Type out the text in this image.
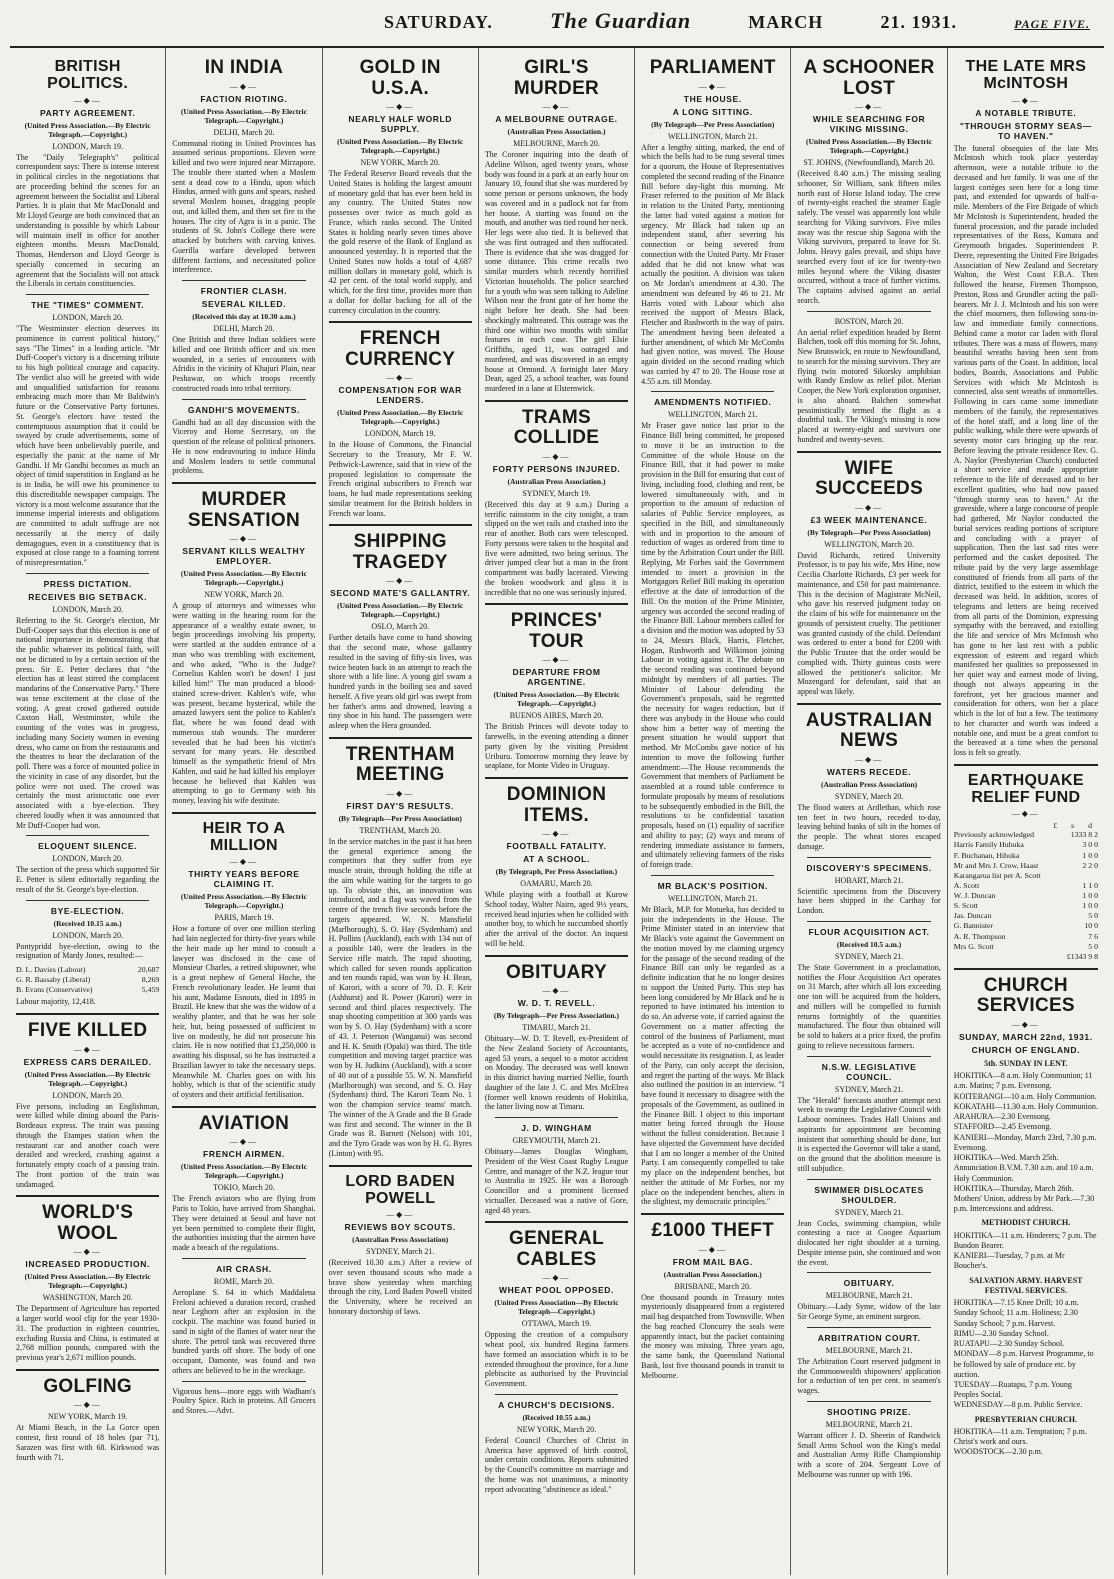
SATURDAY.	The Guardian	MARCH	21. 1931.	PAGE FIVE.
BRITISH POLITICS.
—◆—
PARTY AGREEMENT.
(United Press Association.—By Electric Telegraph.—Copyright.)
LONDON, March 19.
The "Daily Telegraph's" political correspondent says: There is intense interest in political circles in the negotiations that are proceeding behind the scenes for an agreement between the Socialist and Liberal Parties. It is plain that Mr MacDonald and Mr Lloyd George are both convinced that an understanding is possible by which Labour will maintain itself in office for another eighteen months. Messrs MacDonald, Thomas, Henderson and Lloyd George is specially concerned in securing an agreement that the Socialists will not attack the Liberals in certain constituencies.
THE "TIMES" COMMENT.
LONDON, March 20.
"The Westminster election deserves its prominence in current political history," says "The Times" in a leading article. "Mr Duff-Cooper's victory is a discerning tribute to his high political courage and capacity. The verdict also will be greeted with wide and unqualified satisfaction for reasons embracing much more than Mr Baldwin's future or the Conservative Party fortunes. St. George's electors have tested the contemptuous assumption that it could be swayed by crude advertisements, some of which have been unbelievably puerile, and especially the panic at the name of Mr Gandhi. If Mr Gandhi becomes as much an object of timid superstition in England as he is in India, he will owe his prominence to this discreditable newspaper campaign. The victory is a most welcome assurance that the immense imperial interests and obligations are committed to adult suffrage are not necessarily at the mercy of daily demagogues, even in a constituency that is exposed at close range to a foaming torrent of misrepresentation."
PRESS DICTATION.
RECEIVES BIG SETBACK.
LONDON, March 20.
Referring to the St. George's election, Mr Duff-Cooper says that this election is one of national importance in demonstrating that the public whatever its political faith, will not be dictated to by a certain section of the press. Sir E. Petter declares that "the election has at least stirred the complacent mandarins of the Conservative Party." There was tense excitement at the close of the voting. A great crowd gathered outside Caxton Hall, Westminster, while the counting of the votes was in progress, including many Society women in evening dress, who came on from the restaurants and the theatres to hear the declaration of the poll. There was a force of mounted police in the vicinity in case of any disorder, but the police were not used. The crowd was certainly the most aristocratic one ever associated with a bye-election. They cheered loudly when it was announced that Mr Duff-Cooper had won.
ELOQUENT SILENCE.
LONDON, March 20.
The section of the press which supported Sir E. Petter is silent editorially regarding the result of the St. George's bye-election.
BYE-ELECTION.
(Received 10.15 a.m.)
LONDON, March 20.
Pontypridd bye-election, owing to the resignation of Mardy Jones, resulted:—
D. L. Davies (Labour)	20,687
G. R. Bassaby (Liberal)	8,269
B. Evans (Conservative)	5,459
Labour majority, 12,418.
FIVE KILLED
—◆—
EXPRESS CARS DERAILED.
(United Press Association.—By Electric Telegraph.—Copyright.)
LONDON, March 20.
Five persons, including an Englishman, were killed while dining aboard the Paris-Bordeaux express. The train was passing through the Etampes station when the restaurant car and another coach were derailed and wrecked, crashing against a fortunately empty coach of a passing train. The front portion of the train was undamaged.
WORLD'S WOOL
—◆—
INCREASED PRODUCTION.
(United Press Association.—By Electric Telegraph.—Copyright.)
WASHINGTON, March 20.
The Department of Agriculture has reported a larger world wool clip for the year 1930-31. The production in eighteen countries, excluding Russia and China, is estimated at 2,768 million pounds, compared with the previous year's 2,671 million pounds.
GOLFING
—◆—
NEW YORK, March 19.
At Miami Beach, in the La Gorce open contest, first round of 18 holes (par 71), Sarazen was first with 68. Kirkwood was fourth with 71.
IN INDIA
—◆—
FACTION RIOTING.
(United Press Association.—By Electric Telegraph.—Copyright.)
DELHI, March 20.
Communal rioting in United Provinces has assumed serious proportions. Eleven were killed and two were injured near Mirzapore. The trouble there started when a Moslem sent a dead cow to a Hindu, upon which Hindus, armed with guns and spears, rushed several Moslem houses, dragging people out, and killed them, and then set fire to the houses. The city of Agra is in a panic. The students of St. John's College there were attacked by butchers with carving knives. Guerilla warfare developed between different factions, and necessitated police interference.
FRONTIER CLASH.
SEVERAL KILLED.
(Received this day at 10.30 a.m.)
DELHI, March 20.
One British and three Indian soldiers were killed and one British officer and six men wounded, in a series of encounters with Afridis in the vicinity of Khajuri Plain, near Peshawar, on which troops recently constructed roads into tribal territory.
GANDHI'S MOVEMENTS.
Gandhi had an all day discussion with the Viceroy and Home Secretary, on the question of the release of political prisoners. He is now endeavouring to induce Hindu and Moslem leaders to settle communal problems.
MURDER SENSATION
—◆—
SERVANT KILLS WEALTHY EMPLOYER.
(United Press Association.—By Electric Telegraph.—Copyright.)
NEW YORK, March 20.
A group of attorneys and witnesses who were waiting in the hearing room for the appearance of a wealthy estate owner, to begin proceedings involving his property, were startled at the sudden entrance of a man who was trembling with excitement, and who asked, "Who is the Judge? Cornelius Kahlen won't be down! I just killed him!" The man produced a blood-stained screw-driver. Kahlen's wife, who was present, became hysterical, while the amazed lawyers sent the police to Kahlen's flat, where he was found dead with numerous stab wounds. The murderer revealed that he had been his victim's servant for many years. He described himself as the sympathetic friend of Mrs Kahlen, and said he had killed his employer because he believed that Kahlen was attempting to go to Germany with his money, leaving his wife destitute.
HEIR TO A MILLION
—◆—
THIRTY YEARS BEFORE CLAIMING IT.
(United Press Association.—By Electric Telegraph.—Copyright.)
PARIS, March 19.
How a fortune of over one million sterling had lain neglected for thirty-five years while the heir made up her mind to consult a lawyer was disclosed in the case of Monsieur Charles, a retired shipowner, who is a great nephew of General Hoche, the French revolutionary leader. He learnt that his aunt, Madame Esnouts, died in 1895 in Brazil. He knew that she was the widow of a wealthy planter, and that he was her sole heir, but, being possessed of sufficient to live on modestly, he did not prosecute his claim. He is now notified that £1,250,000 is awaiting his disposal, so he has instructed a Brazilian lawyer to take the necessary steps. Meanwhile M. Charles goes on with his hobby, which is that of the scientific study of oysters and their artificial fertilisation.
AVIATION
—◆—
FRENCH AIRMEN.
(United Press Association.—By Electric Telegraph.—Copyright.)
TOKIO, March 20.
The French aviators who are flying from Paris to Tokio, have arrived from Shanghai. They were detained at Seoul and have not yet been permitted to complete their flight, the authorities insisting that the airmen have made a breach of the regulations.
AIR CRASH.
ROME, March 20.
Aeroplane S. 64 in which Maddalena Freloni achieved a duration record, crashed near Leghorn after an explosion in the cockpit. The machine was found buried in sand in sight of the flames of water near the shore. The petrol tank was recovered three hundred yards off shore. The body of one occupant, Damonte, was found and two others are believed to be in the wreckage.
Vigorous hens—more eggs with Wadham's Poultry Spice. Rich in proteins. All Grocers and Stores.—Advt.
GOLD IN U.S.A.
—◆—
NEARLY HALF WORLD SUPPLY.
(United Press Association.—By Electric Telegraph.—Copyright.)
NEW YORK, March 20.
The Federal Reserve Board reveals that the United States is holding the largest amount of monetary gold that has ever been held in any country. The United States now possesses over twice as much gold as France, which ranks second. The United States is holding nearly seven times above the gold reserve of the Bank of England as announced yesterday. It is reported that the United States now holds a total of 4,687 million dollars in monetary gold, which is 42 per cent. of the total world supply, and which, for the first time, provides more than a dollar for dollar backing for all of the currency circulation in the country.
FRENCH CURRENCY
—◆—
COMPENSATION FOR WAR LENDERS.
(United Press Association.—By Electric Telegraph.—Copyright.)
LONDON, March 19.
In the House of Commons, the Financial Secretary to the Treasury, Mr F. W. Pethwick-Lawrence, said that in view of the proposed legislation to compensate the French original subscribers to French war loans, he had made representations seeking similar treatment for the British holders in French war loans.
SHIPPING TRAGEDY
—◆—
SECOND MATE'S GALLANTRY.
(United Press Association.—By Electric Telegraph.—Copyright.)
OSLO, March 20.
Further details have come to hand showing that the second mate, whose gallantry resulted in the saving of fifty-six lives, was twice beaten back in an attempt to reach the shore with a life line. A young girl swam a hundred yards in the boiling sea and saved herself. A five years old girl was swept from her father's arms and drowned, leaving a tiny shoe in his hand. The passengers were asleep when the Hera grounded.
TRENTHAM MEETING
—◆—
FIRST DAY'S RESULTS.
(By Telegraph—Per Press Association)
TRENTHAM, March 20.
In the service matches in the past it has been the general experience among the competitors that they suffer from eye muscle strain, through holding the rifle at the aim while waiting for the targets to go up. To obviate this, an innovation was introduced, and a flag was waved from the centre of the trench five seconds before the targets appeared. W. N. Mansfield (Marlborough), S. O. Hay (Sydenham) and H. Pollins (Auckland), each with 134 out of a possible 140, were the leaders in the Service rifle match. The rapid shooting, which called for seven rounds application and ten rounds rapid, was won by H. Bean, of Karori, with a score of 70. D. F. Keir (Ashhurst) and R. Power (Karori) were in second and third places respectively. The snap shooting competition at 300 yards was won by S. O. Hay (Sydenham) with a score of 43. J. Peterson (Wanganui) was second and H. K. Smith (Opaki) was third. The title competition and moving target practice was won by H. Judkins (Auckland), with a score of 40 out of a possible 55. W. N. Mansfield (Marlborough) was second, and S. O. Hay (Sydenham) third. The Karori Team No. 1 won the champion service teams' match. The winner of the A Grade and the B Grade was first and second. The winner in the B Grade was R. Barnett (Nelson) with 101, and the Tyro Grade was won by H. G. Byres (Linton) with 95.
LORD BADEN POWELL
—◆—
REVIEWS BOY SCOUTS.
(Australian Press Association)
SYDNEY, March 21.
(Received 10.30 a.m.) After a review of over seven thousand scouts who made a brave show yesterday when marching through the city, Lord Baden Powell visited the University, where he received an honorary doctorship of laws.
GIRL'S MURDER
—◆—
A MELBOURNE OUTRAGE.
(Australian Press Association.)
MELBOURNE, March 20.
The Coroner inquiring into the death of Adeline Wilson, aged twenty years, whose body was found in a park at an early hour on January 10, found that she was murdered by some person or persons unknown, the body was covered and in a padlock not far from her house. A starting was found on the mouth, and another was tied round her neck. Her legs were also tied. It is believed that she was first outraged and then suffocated. There is evidence that she was dragged for some distance. This crime recalls two similar murders which recently horrified Victorian households. The police searched for a youth who was seen talking to Adeline Wilson near the front gate of her home the night before her death. She had been shockingly maltreated. This outrage was the third one within two months with similar features in each case. The girl Elsie Griffiths, aged 11, was outraged and murdered, and was discovered in an empty house at Ormond. A fortnight later Mary Dean, aged 25, a school teacher, was found murdered in a lane at Elsternwick.
TRAMS COLLIDE
—◆—
FORTY PERSONS INJURED.
(Australian Press Association.)
SYDNEY, March 19.
(Received this day at 9 a.m.) During a terrific rainstorm in the city tonight, a tram slipped on the wet rails and crashed into the rear of another. Both cars were telescoped. Forty persons were taken to the hospital and five were admitted, two being serious. The driver jumped clear but a man in the front compartment was badly lacerated. Viewing the broken woodwork and glass it is incredible that no one was seriously injured.
PRINCES' TOUR
—◆—
DEPARTURE FROM ARGENTINE.
(United Press Association.—By Electric Telegraph.—Copyright.)
BUENOS AIRES, March 20.
The British Princes will devote today to farewells, in the evening attending a dinner party given by the visiting President Uriburu. Tomorrow morning they leave by seaplane, for Monte Video in Uruguay.
DOMINION ITEMS.
—◆—
FOOTBALL FATALITY.
AT A SCHOOL.
(By Telegraph, Per Press Association.)
OAMARU, March 20.
While playing with a football at Kurow School today, Walter Nairn, aged 9½ years, received head injuries when he collided with another boy, to which he succumbed shortly after the arrival of the doctor. An inquest will be held.
OBITUARY
—◆—
W. D. T. REVELL.
(By Telegraph—Per Press Association.)
TIMARU, March 21.
Obituary—W. D. T. Revell, ex-President of the New Zealand Society of Accountants, aged 53 years, a sequel to a motor accident on Monday. The deceased was well known in this district having married Nellie, fourth daughter of the late J. C. and Mrs McElrea (former well known residents of Hokitika, the latter living now at Timaru.
J. D. WINGHAM
GREYMOUTH, March 21.
Obituary—James Douglas Wingham, President of the West Coast Rugby League Centre, and manager of the N.Z. league tour to Australia in 1925. He was a Borough Councillor and a prominent licensed victualler. Deceased was a native of Gore, aged 48 years.
GENERAL CABLES
—◆—
WHEAT POOL OPPOSED.
(United Press Association—By Electric Telegraph—Copyright.)
OTTAWA, March 19.
Opposing the creation of a compulsory wheat pool, six hundred Regina farmers have formed an association which is to be extended throughout the province, for a June plebiscite as authorised by the Provincial Government.
A CHURCH'S DECISIONS.
(Received 10.55 a.m.)
NEW YORK, March 20.
Federal Council Churches of Christ in America have approved of birth control, under certain conditions. Reports submitted by the Council's committee on marriage and the home was not unanimous, a minority report advocating "abstinence as ideal."
PARLIAMENT
—◆—
THE HOUSE.
A LONG SITTING.
(By Telegraph—Per Press Association)
WELLINGTON, March 21.
After a lengthy sitting, marked, the end of which the bells had to be rung several times for a quorum, the House of Representatives completed the second reading of the Finance Bill before day-light this morning. Mr Fraser referred to the position of Mr Black in relation to the United Party, mentioning the latter had voted against a motion for urgency. Mr Black had taken up an independent stand, after severing his connection or being severed from connection with the United Party. Mr Fraser added that he did not know what was actually the position. A division was taken on Mr Jordan's amendment at 4.30. The amendment was defeated by 46 to 21. Mr Harris voted with Labour which also received the support of Messrs Black, Fletcher and Rushworth in the way of pairs. The amendment having been defeated a further amendment, of which Mr McCombs had given notice, was moved. The House again divided on the second reading which was carried by 47 to 20. The House rose at 4.55 a.m. till Monday.
AMENDMENTS NOTIFIED.
WELLINGTON, March 21.
Mr Fraser gave notice last prior to the Finance Bill being committed, he proposed to move it be an instruction to the Committee of the whole House on the Finance Bill, that it had power to make provision in the Bill for ensuring that cost of living, including food, clothing and rent, be lowered simultaneously with, and in proportion to the amount of reduction of salaries of Public Service employees, as specified in the Bill, and simultaneously with and in proportion to the amount of reduction of wages as ordered from time to time by the Arbitration Court under the Bill. Replying, Mr Forbes said the Government intended to insert a provision in the Mortgagors Relief Bill making its operation effective at the date of introduction of the Bill. On the motion of the Prime Minister, urgency was accorded the second reading of the Finance Bill. Labour members called for a division and the motion was adopted by 53 to 24, Messrs Black, Harris, Fletcher, Hogan, Rushworth and Wilkinson joining Labour in voting against it. The debate on the second reading was continued beyond midnight by members of all parties. The Minister of Labour defending the Government's proposals, said he regretted the necessity for wages reduction, but if there was anybody in the House who could show him a better way of meeting the present situation he would support that method. Mr McCombs gave notice of his intention to move the following further amendment:—The House recommends the Government that members of Parliament be assembled at a round table conference to formulate proposals by means of resolutions to be subsequently embodied in the Bill, the resolutions to be confidential taxation proposals, based on (1) equality of sacrifice and ability to pay; (2) ways and means of rendering immediate assistance to farmers, and ultimately relieving farmers of the risks of foreign trade.
MR BLACK'S POSITION.
WELLINGTON, March 21.
Mr Black, M.P. for Motueka, has decided to join the independents in the House. The Prime Minister stated in an interview that Mr Black's vote against the Government on the motion moved by me claiming urgency for the passage of the second reading of the Finance Bill can only be regarded as a definite indication that he no longer desires to support the United Party. This step has been long considered by Mr Black and he is reported to have intimated his intention to do so. An adverse vote, if carried against the Government on a matter affecting the control of the business of Parliament, must be accepted as a vote of no-confidence and would necessitate its resignation. I, as leader of the Party, can only accept the decision, and regret the parting of the ways. Mr Black also outlined the position in an interview. "I have found it necessary to disagree with the proposals of the Government, as outlined in the Finance Bill. I object to this important matter being forced through the House without the fullest consideration. Because I have objected the Government have decided that I am no longer a member of the United Party. I am consequently compelled to take my place on the independent benches, but neither the attitude of Mr Forbes, nor my place on the independent benches, alters in the slightest, my democratic principles."
£1000 THEFT
—◆—
FROM MAIL BAG.
(Australian Press Association.)
BRISBANE, March 20.
One thousand pounds in Treasury notes mysteriously disappeared from a registered mail bag despatched from Townsville. When the bag reached Cloncurry the seals were apparently intact, but the packet containing the money was missing. Three years ago, the same bank, the Queensland National Bank, lost five thousand pounds in transit to Melbourne.
A SCHOONER LOST
—◆—
WHILE SEARCHING FOR VIKING MISSING.
(United Press Association.—By Electric Telegraph.—Copyright.)
ST. JOHNS, (Newfoundland), March 20.
(Received 8.40 a.m.) The missing sealing schooner, Sir William, sank fifteen miles north east of Horse Island today. The crew of twenty-eight reached the steamer Eagle safely. The vessel was apparently lost while searching for Viking survivors. Five miles away was the rescue ship Sagona with the Viking survivors, prepared to leave for St. Johns. Heavy gales prevail, and ships have searched every foot of ice for twenty-two miles beyond where the Viking disaster occurred, without a trace of further victims. The captains advised against an aerial search.
BOSTON, March 20.
An aerial relief expedition headed by Bernt Balchen, took off this morning for St. Johns, New Brunswick, en route to Newfoundland, to search for the missing survivors. They are flying twin motored Sikorsky amphibian with Randy Enslow as relief pilot. Merian Cooper, the New York exploration organiser, is also aboard. Balchen somewhat pessimistically termed the flight as a doubtful task. The Viking's missing is now placed at twenty-eight and survivors one hundred and twenty-seven.
WIFE SUCCEEDS
—◆—
£3 WEEK MAINTENANCE.
(By Telegraph—Per Press Association)
WELLINGTON, March 20.
David Richards, retired University Professor, is to pay his wife, Mrs Hine, now Cecilia Charlotte Richards, £3 per week for maintenance, and £50 for past maintenance. This is the decision of Magistrate McNeil, who gave his reserved judgment today on the claim of his wife for maintenance on the grounds of persistent cruelty. The petitioner was granted custody of the child. Defendant was ordered to enter a bond for £200 with the Public Trustee that the order would be complied with. Thirty guineas costs were allowed the petitioner's solicitor. Mr Mozengard for defendant, said that an appeal was likely.
AUSTRALIAN NEWS
—◆—
WATERS RECEDE.
(Australian Press Association)
SYDNEY, March 20.
The flood waters at Ardlethan, which rose ten feet in two hours, receded to-day, leaving behind banks of silt in the homes of the people. The wheat stores escaped damage.
DISCOVERY'S SPECIMENS.
HOBART, March 21.
Scientific specimens from the Discovery have been shipped in the Carthay for London.
FLOUR ACQUISITION ACT.
(Received 10.5 a.m.)
SYDNEY, March 21.
The State Government in a proclamation, notifies the Flour Acquisition Act operates on 31 March, after which all lots exceeding one ton will be acquired from the holders, and millers will be compelled to furnish returns fortnightly of the quantities manufactured. The flour thus obtained will be sold to bakers at a price fixed, the profits going to relieve necessitous farmers.
N.S.W. LEGISLATIVE COUNCIL.
SYDNEY, March 21.
The "Herald" forecasts another attempt next week to swamp the Legislative Council with Labour nominees. Trades Hall Unions and aspirants for appointment are becoming insistent that something should be done, but it is expected the Governor will take a stand, on the ground that the abolition measure is still subjudice.
SWIMMER DISLOCATES SHOULDER.
SYDNEY, March 21.
Jean Cocks, swimming champion, while contesting a race at Coogee Aquarium dislocated her right shoulder at a turning. Despite intense pain, she continued and won the event.
OBITUARY.
MELBOURNE, March 21.
Obituary.—Lady Syme, widow of the late Sir George Syme, an eminent surgeon.
ARBITRATION COURT.
MELBOURNE, March 21.
The Arbitration Court reserved judgment in the Commonwealth shipowners' application for a reduction of ten per cent. in seamen's wages.
SHOOTING PRIZE.
MELBOURNE, March 21.
Warrant officer J. D. Sheerin of Randwick Small Arms School won the King's medal and Australian Army Rifle Championship with a score of 204. Sergeant Love of Melbourne was runner up with 196.
THE LATE MRS McINTOSH
—◆—
A NOTABLE TRIBUTE.
"THROUGH STORMY SEAS—TO HAVEN."
The funeral obsequies of the late Mrs McIntosh which took place yesterday afternoon, were a notable tribute to the deceased and her family. It was one of the largest cortèges seen here for a long time past, and extended for upwards of half-a-mile. Members of the Fire Brigade of which Mr McIntosh is Superintendent, headed the funeral procession, and the parade included representatives of the Ross, Kumara and Greymouth brigades. Superintendent P. Deere, representing the United Fire Brigades Association of New Zealand and Secretary Walton, the West Coast F.B.A. Then followed the hearse, Firemen Thompson, Preston, Ross and Grundler acting the pall-bearers. Mr J. J. McIntosh and his son were the chief mourners, then following sons-in-law and immediate family connections. Behind came a motor car laden with floral tributes. There was a mass of flowers, many beautiful wreaths having been sent from various parts of the Coast. In addition, local bodies, Boards, Associations and Public Services with which Mr McIntosh is connected, also sent wreaths of immortelles. Following in cars came some immediate members of the family, the representatives of the hotel staff, and a long line of the public walking, while there were upwards of seventy motor cars bringing up the rear. Before leaving the private residence Rev. G. A. Naylor (Presbyterian Church) conducted a short service and made appropriate reference to the life of deceased and to her excellent qualities, who had now passed "through stormy seas to haven." At the graveside, where a large concourse of people had gathered, Mr Naylor conducted the burial services reading portions of scripture and concluding with a prayer of supplication. Then the last sad rites were performed and the casket deposited. The tribute paid by the very large assemblage constituted of friends from all parts of the district, testified to the esteem in which the deceased was held. In addition, scores of telegrams and letters are being received from all parts of the Dominion, expressing sympathy with the bereaved, and extolling the life and service of Mrs McIntosh who has gone to her last rest with a public expression of esteem and regard which manifested her qualities so prepossessed in her quiet way and earnest mode of living, though not always appearing in the forefront, yet her gracious manner and consideration for others, won her a place which is the lot of but a few. The testimony to her character and worth was indeed a notable one, and must be a great comfort to the bereaved at a time when the personal loss is felt so greatly.
EARTHQUAKE RELIEF FUND
—◆—
£ s d
Previously acknowledged	1333 8 2
Harris Family Huhuka	3 0 0
F. Buchanan, Hihuka	1 0 0
Mr and Mrs J. Crow, Haast	2 2 0
Karangarua list per A. Scott
A. Scott	1 1 0
W. J. Duncan	1 0 0
S. Scott	1 0 0
Jas. Duncan	5 0
G. Bannister	10 0
A. R. Thompson	7 6
Mrs G. Scott	5 0
£1343 9 8
CHURCH SERVICES
—◆—
SUNDAY, MARCH 22nd, 1931.
CHURCH OF ENGLAND.
5th. SUNDAY IN LENT.
HOKITIKA—8 a.m. Holy Communion; 11 a.m. Matins; 7 p.m. Evensong.
KOITERANGI—10 a.m. Holy Communion.
KOKATAHI—11.30 a.m. Holy Communion.
ARAHURA—2.30 Evensong.
STAFFORD—2.45 Evensong.
KANIERI—Monday, March 23rd, 7.30 p.m. Evensong.
HOKITIKA—Wed. March 25th. Annunciation B.V.M. 7.30 a.m. and 10 a.m. Holy Communion.
HOKITIKA—Thursday, March 26th. Mothers' Union, address by Mr Park.—7.30 p.m. Intercessions and address.
METHODIST CHURCH.
HOKITIKA—11 a.m. Hinderers; 7 p.m. The Bundon Bearer.
KANIERI—Tuesday, 7 p.m. at Mr Boucher's.
SALVATION ARMY. HARVEST FESTIVAL SERVICES.
HOKITIKA—7.15 Knee Drill; 10 a.m. Sunday School; 11 a.m. Holiness; 2.30 Sunday School; 7 p.m. Harvest.
RIMU—2.30 Sunday School.
RUATAPU—2.30 Sunday School.
MONDAY—8 p.m. Harvest Programme, to be followed by sale of produce etc. by auction.
TUESDAY—Ruatapu, 7 p.m. Young Peoples Social.
WEDNESDAY—8 p.m. Public Service.
PRESBYTERIAN CHURCH.
HOKITIKA—11 a.m. Temptation; 7 p.m. Christ's work and ours.
WOODSTOCK—2.30 p.m.
